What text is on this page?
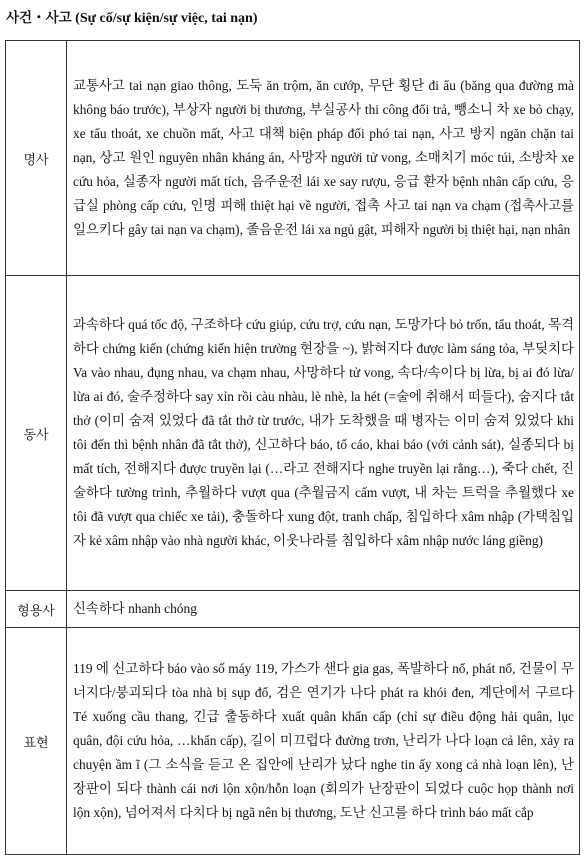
사건・사고 (Sự cố/sự kiện/sự việc, tai nạn)
명사	교통사고 tai nạn giao thông, 도둑 ăn trộm, ăn cướp, 무단 횡단 đi ẩu (băng qua đường mà không báo trước), 부상자 người bị thương, 부실공사 thi công đổi trả, 뺑소니 차 xe bỏ chạy, xe tẩu thoát, xe chuồn mất, 사고 대책 biện pháp đối phó tai nạn, 사고 방지 ngăn chặn tai nạn, 상고 원인 nguyên nhân kháng án, 사망자 người tử vong, 소매치기 móc túi, 소방차 xe cứu hỏa, 실종자 người mất tích, 음주운전 lái xe say rượu, 응급 환자 bệnh nhân cấp cứu, 응급실 phòng cấp cứu, 인명 피해 thiệt hại về người, 접촉 사고 tai nạn va chạm (접촉사고를 일으키다 gây tai nạn va chạm), 졸음운전 lái xa ngủ gật, 피해자 người bị thiệt hại, nạn nhân
동사	과속하다 quá tốc độ, 구조하다 cứu giúp, cứu trợ, cứu nạn, 도망가다 bỏ trốn, tẩu thoát, 목격하다 chứng kiến (chứng kiến hiện trường 현장을 ~), 밝혀지다 được làm sáng tỏa, 부딪치다 Va vào nhau, đụng nhau, va chạm nhau, 사망하다 tử vong, 속다/속이다 bị lừa, bị ai đó lừa/ lừa ai đó, 술주정하다 say xỉn rồi càu nhàu, lè nhè, la hét (=술에 취해서 떠들다), 숨지다 tắt thở (이미 숨져 있었다 đã tắt thở từ trước, 내가 도착했을 때 병자는 이미 숨져 있었다 khi tôi đến thì bệnh nhân đã tắt thở), 신고하다 báo, tố cáo, khai báo (với cảnh sát), 실종되다 bị mất tích, 전해지다 được truyền lại (…라고 전해지다 nghe truyền lại rằng…), 죽다 chết, 진술하다 tường trình, 추월하다 vượt qua (추월금지 cấm vượt, 내 차는 트럭을 추월했다 xe tôi đã vượt qua chiếc xe tải), 충돌하다 xung đột, tranh chấp, 침입하다 xâm nhập (가택침입자 kẻ xâm nhập vào nhà người khác, 이웃나라를 침입하다 xâm nhập nước láng giềng)
형용사	신속하다 nhanh chóng
표현	119 에 신고하다 báo vào số máy 119, 가스가 샌다 gia gas, 폭발하다 nổ, phát nổ, 건물이 무너지다/붕괴되다 tòa nhà bị sụp đổ, 검은 연기가 나다 phát ra khói đen, 계단에서 구르다 Té xuống cầu thang, 긴급 출동하다 xuất quân khẩn cấp (chỉ sự điều động hải quân, lục quân, đội cứu hỏa, …khẩn cấp), 길이 미끄럽다 đường trơn, 난리가 나다 loạn cả lên, xảy ra chuyện ầm ĩ (그 소식을 듣고 온 집안에 난리가 났다 nghe tin ấy xong cả nhà loạn lên), 난장판이 되다 thành cái nơi lộn xộn/hỗn loạn (회의가 난장판이 되었다 cuộc họp thành nơi lộn xộn), 넘어져서 다치다 bị ngã nên bị thương, 도난 신고를 하다 trình báo mất cắp
